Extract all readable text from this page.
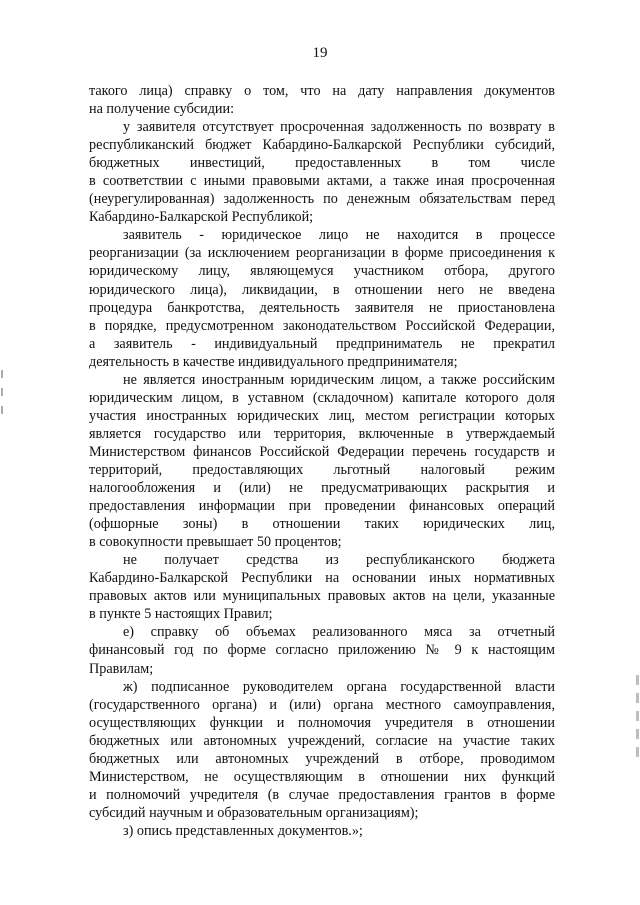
19
такого лица) справку о том, что на дату направления документов
на получение субсидии:
у заявителя отсутствует просроченная задолженность по возврату в
республиканский бюджет Кабардино-Балкарской Республики субсидий,
бюджетных инвестиций, предоставленных в том числе
в соответствии с иными правовыми актами, а также иная просроченная
(неурегулированная) задолженность по денежным обязательствам перед
Кабардино-Балкарской Республикой;
заявитель - юридическое лицо не находится в процессе
реорганизации (за исключением реорганизации в форме присоединения к
юридическому лицу, являющемуся участником отбора, другого
юридического лица), ликвидации, в отношении него не введена
процедура банкротства, деятельность заявителя не приостановлена
в порядке, предусмотренном законодательством Российской Федерации,
а заявитель - индивидуальный предприниматель не прекратил
деятельность в качестве индивидуального предпринимателя;
не является иностранным юридическим лицом, а также российским
юридическим лицом, в уставном (складочном) капитале которого доля
участия иностранных юридических лиц, местом регистрации которых
является государство или территория, включенные в утверждаемый
Министерством финансов Российской Федерации перечень государств и
территорий, предоставляющих льготный налоговый режим
налогообложения и (или) не предусматривающих раскрытия и
предоставления информации при проведении финансовых операций
(офшорные зоны) в отношении таких юридических лиц,
в совокупности превышает 50 процентов;
не получает средства из республиканского бюджета
Кабардино-Балкарской Республики на основании иных нормативных
правовых актов или муниципальных правовых актов на цели, указанные
в пункте 5 настоящих Правил;
е) справку об объемах реализованного мяса за отчетный
финансовый год по форме согласно приложению № 9 к настоящим
Правилам;
ж) подписанное руководителем органа государственной власти
(государственного органа) и (или) органа местного самоуправления,
осуществляющих функции и полномочия учредителя в отношении
бюджетных или автономных учреждений, согласие на участие таких
бюджетных или автономных учреждений в отборе, проводимом
Министерством, не осуществляющим в отношении них функций
и полномочий учредителя (в случае предоставления грантов в форме
субсидий научным и образовательным организациям);
з) опись представленных документов.»;
